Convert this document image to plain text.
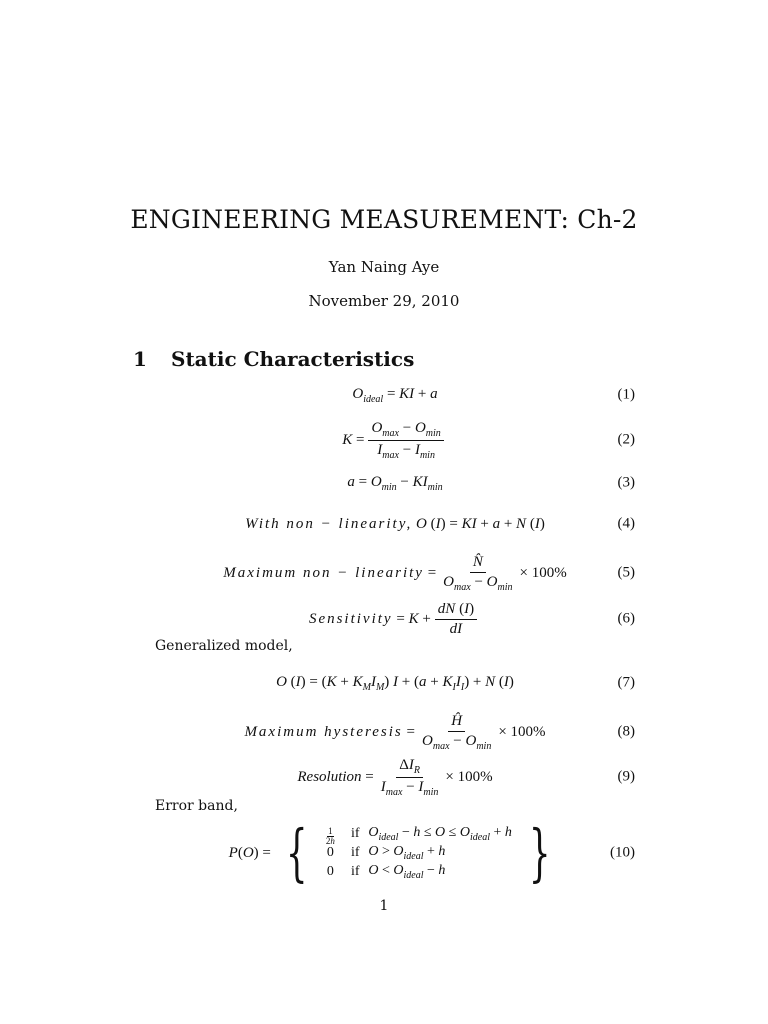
ENGINEERING MEASUREMENT: Ch-2
Yan Naing Aye
November 29, 2010
1 Static Characteristics
$O_{ideal}$ = KI + a	(1)
$K = \frac{O_{max} - O_{min}}{I_{max} - I_{min}}$	(2)
$a = O_{min} - KI_{min}$	(3)
With non − linearity, O (I) = KI + a + N (I)	(4)
Maximum non − linearity = $\frac{N̂}{O_{max} - O_{min}} \times 100\%$	(5)
Sensitivity = $K + \frac{dN (I)}{dI}$	(6)
Generalized model,
O $(I) = (K + K_MI_M)$ $I + (a + K_II_I) + N$ (I)	(7)
Maximum hysteresis = $\frac{Ĥ}{O_{max} - O_{min}} \times 100\%$	(8)
Resolution = $\frac{\Delta I_R}{I_{max} - I_{min}} \times 100\%$	(9)
Error band,
P(O) = { $\frac{1}{2h}$	if $O_{ideal} - h \le O \le O_{ideal} + h$
0	if $O > O_{ideal} + h$
0	if $O < O_{ideal} - h$ }	(10)
1
